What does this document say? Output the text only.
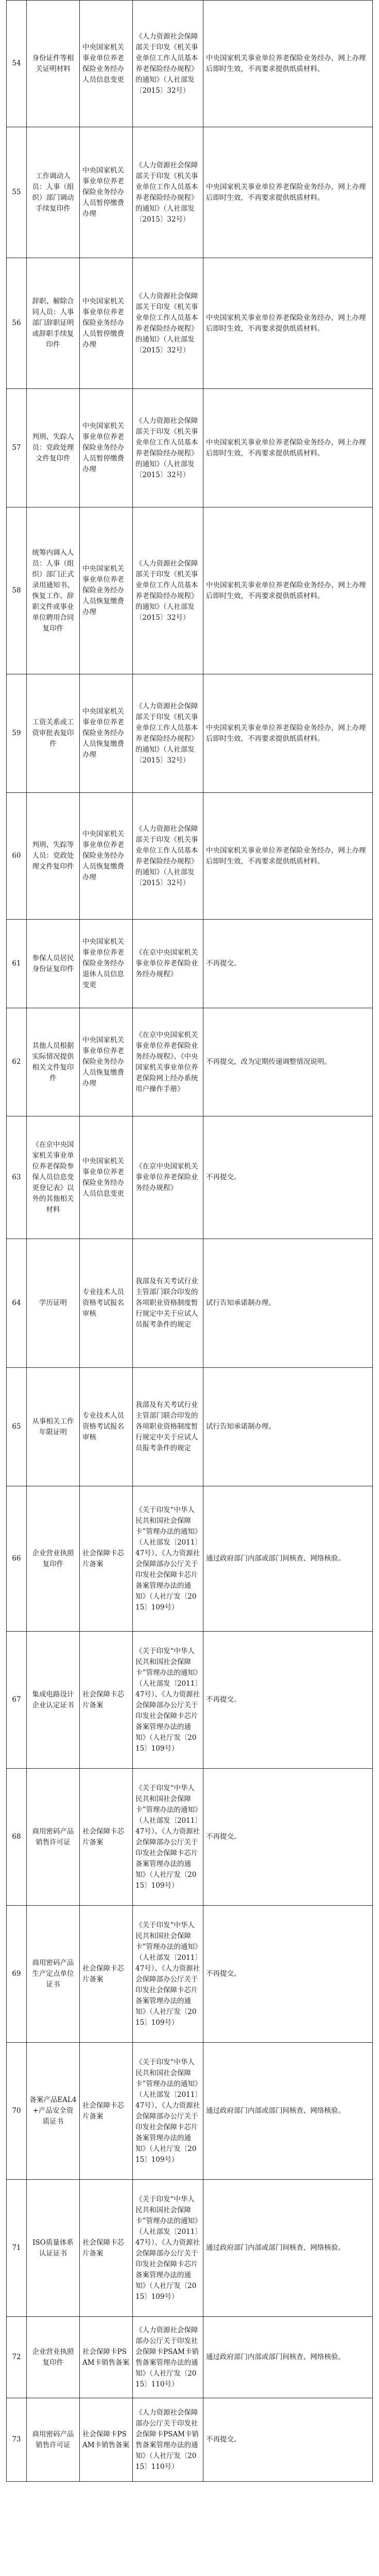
54	身份证件等相关证明材料	中央国家机关事业单位养老保险业务经办人员信息变更	《人力资源社会保障部关于印发《机关事业单位工作人员基本养老保险经办规程》的通知》（人社部发〔2015〕32号）	中央国家机关事业单位养老保险业务经办，网上办理后即时生效，不再要求提供纸质材料。
55	工作调动人员：人事（组织）部门调动手续复印件	中央国家机关事业单位养老保险业务经办人员暂停缴费办理	《人力资源社会保障部关于印发《机关事业单位工作人员基本养老保险经办规程》的通知》（人社部发〔2015〕32号）	中央国家机关事业单位养老保险业务经办，网上办理后即时生效，不再要求提供纸质材料。
56	辞职、解除合同人员：人事部门辞职证明或辞职手续复印件	中央国家机关事业单位养老保险业务经办人员暂停缴费办理	《人力资源社会保障部关于印发《机关事业单位工作人员基本养老保险经办规程》的通知》（人社部发〔2015〕32号）	中央国家机关事业单位养老保险业务经办，网上办理后即时生效，不再要求提供纸质材料。
57	判刑、失踪人员：党政处理文件复印件	中央国家机关事业单位养老保险业务经办人员暂停缴费办理	《人力资源社会保障部关于印发《机关事业单位工作人员基本养老保险经办规程》的通知》（人社部发〔2015〕32号）	中央国家机关事业单位养老保险业务经办，网上办理后即时生效，不再要求提供纸质材料。
58	统筹内调入人员：人事（组织）部门正式录用通知书、恢复工作、辞职文件或事业单位聘用合同复印件	中央国家机关事业单位养老保险业务经办人员恢复缴费办理	《人力资源社会保障部关于印发《机关事业单位工作人员基本养老保险经办规程》的通知》（人社部发〔2015〕32号）	中央国家机关事业单位养老保险业务经办，网上办理后即时生效，不再要求提供纸质材料。
59	工资关系或工资审批表复印件	中央国家机关事业单位养老保险业务经办人员恢复缴费办理	《人力资源社会保障部关于印发《机关事业单位工作人员基本养老保险经办规程》的通知》（人社部发〔2015〕32号）	中央国家机关事业单位养老保险业务经办，网上办理后即时生效，不再要求提供纸质材料。
60	判刑、失踪等人员：党政处理文件复印件	中央国家机关事业单位养老保险业务经办人员恢复缴费办理	《人力资源社会保障部关于印发《机关事业单位工作人员基本养老保险经办规程》的通知》（人社部发〔2015〕32号）	中央国家机关事业单位养老保险业务经办，网上办理后即时生效，不再要求提供纸质材料。
61	参保人员居民身份证复印件	中央国家机关事业单位养老保险业务经办退休人员信息变更	《在京中央国家机关事业单位养老保险业务经办规程》	不再提交。
62	其他人员根据实际情况提供相关文件复印件	中央国家机关事业单位养老保险业务经办人员恢复缴费办理	《在京中央国家机关事业单位养老保险业务经办规程》、《中央国家机关事业单位养老保险网上经办系统用户操作手册》	不再提交，改为定期传递调整情况说明。
63	《在京中央国家机关事业单位养老保险参保人员信息变更登记表》以外的其他相关材料	中央国家机关事业单位养老保险业务经办人员信息变更	《在京中央国家机关事业单位养老保险业务经办规程》	不再提交。
64	学历证明	专业技术人员资格考试报名审核	我部及有关考试行业主管部门联合印发的各项职业资格制度暂行规定中关于应试人员报考条件的规定	试行告知承诺制办理。
65	从事相关工作年限证明	专业技术人员资格考试报名审核	我部及有关考试行业主管部门联合印发的各项职业资格制度暂行规定中关于应试人员报考条件的规定	试行告知承诺制办理。
66	企业营业执照复印件	社会保障卡芯片备案	《关于印发“中华人民共和国社会保障卡”管理办法的通知》（人社部发〔2011〕47号）、《人力资源社会保障部办公厅关于印发社会保障卡芯片备案管理办法的通知》（人社厅发〔2015〕109号）	通过政府部门内部或部门间核查、网络核验。
67	集成电路设计企业认定证书	社会保障卡芯片备案	《关于印发“中华人民共和国社会保障卡”管理办法的通知》（人社部发〔2011〕47号）、《人力资源社会保障部办公厅关于印发社会保障卡芯片备案管理办法的通知》（人社厅发〔2015〕109号）	不再提交。
68	商用密码产品销售许可证	社会保障卡芯片备案	《关于印发“中华人民共和国社会保障卡”管理办法的通知》（人社部发〔2011〕47号）、《人力资源社会保障部办公厅关于印发社会保障卡芯片备案管理办法的通知》（人社厅发〔2015〕109号）	不再提交。
69	商用密码产品生产定点单位证书	社会保障卡芯片备案	《关于印发“中华人民共和国社会保障卡”管理办法的通知》（人社部发〔2011〕47号）、《人力资源社会保障部办公厅关于印发社会保障卡芯片备案管理办法的通知》（人社厅发〔2015〕109号）	不再提交。
70	备案产品EAL4+产品安全资质证书	社会保障卡芯片备案	《关于印发“中华人民共和国社会保障卡”管理办法的通知》（人社部发〔2011〕47号）、《人力资源社会保障部办公厅关于印发社会保障卡芯片备案管理办法的通知》（人社厅发〔2015〕109号）	通过政府部门内部或部门间核查、网络核验。
71	ISO质量体系认证证书	社会保障卡芯片备案	《关于印发“中华人民共和国社会保障卡”管理办法的通知》（人社部发〔2011〕47号）、《人力资源社会保障部办公厅关于印发社会保障卡芯片备案管理办法的通知》（人社厅发〔2015〕109号）	通过政府部门内部或部门间核查、网络核验。
72	企业营业执照复印件	社会保障卡PSAM卡销售备案	《人力资源社会保障部办公厅关于印发社会保障卡PSAM卡销售备案管理办法的通知》（人社厅发〔2015〕110号）	通过政府部门内部或部门间核查、网络核验。
73	商用密码产品销售许可证	社会保障卡PSAM卡销售备案	《人力资源社会保障部办公厅关于印发社会保障卡PSAM卡销售备案管理办法的通知》（人社厅发〔2015〕110号）	不再提交。
